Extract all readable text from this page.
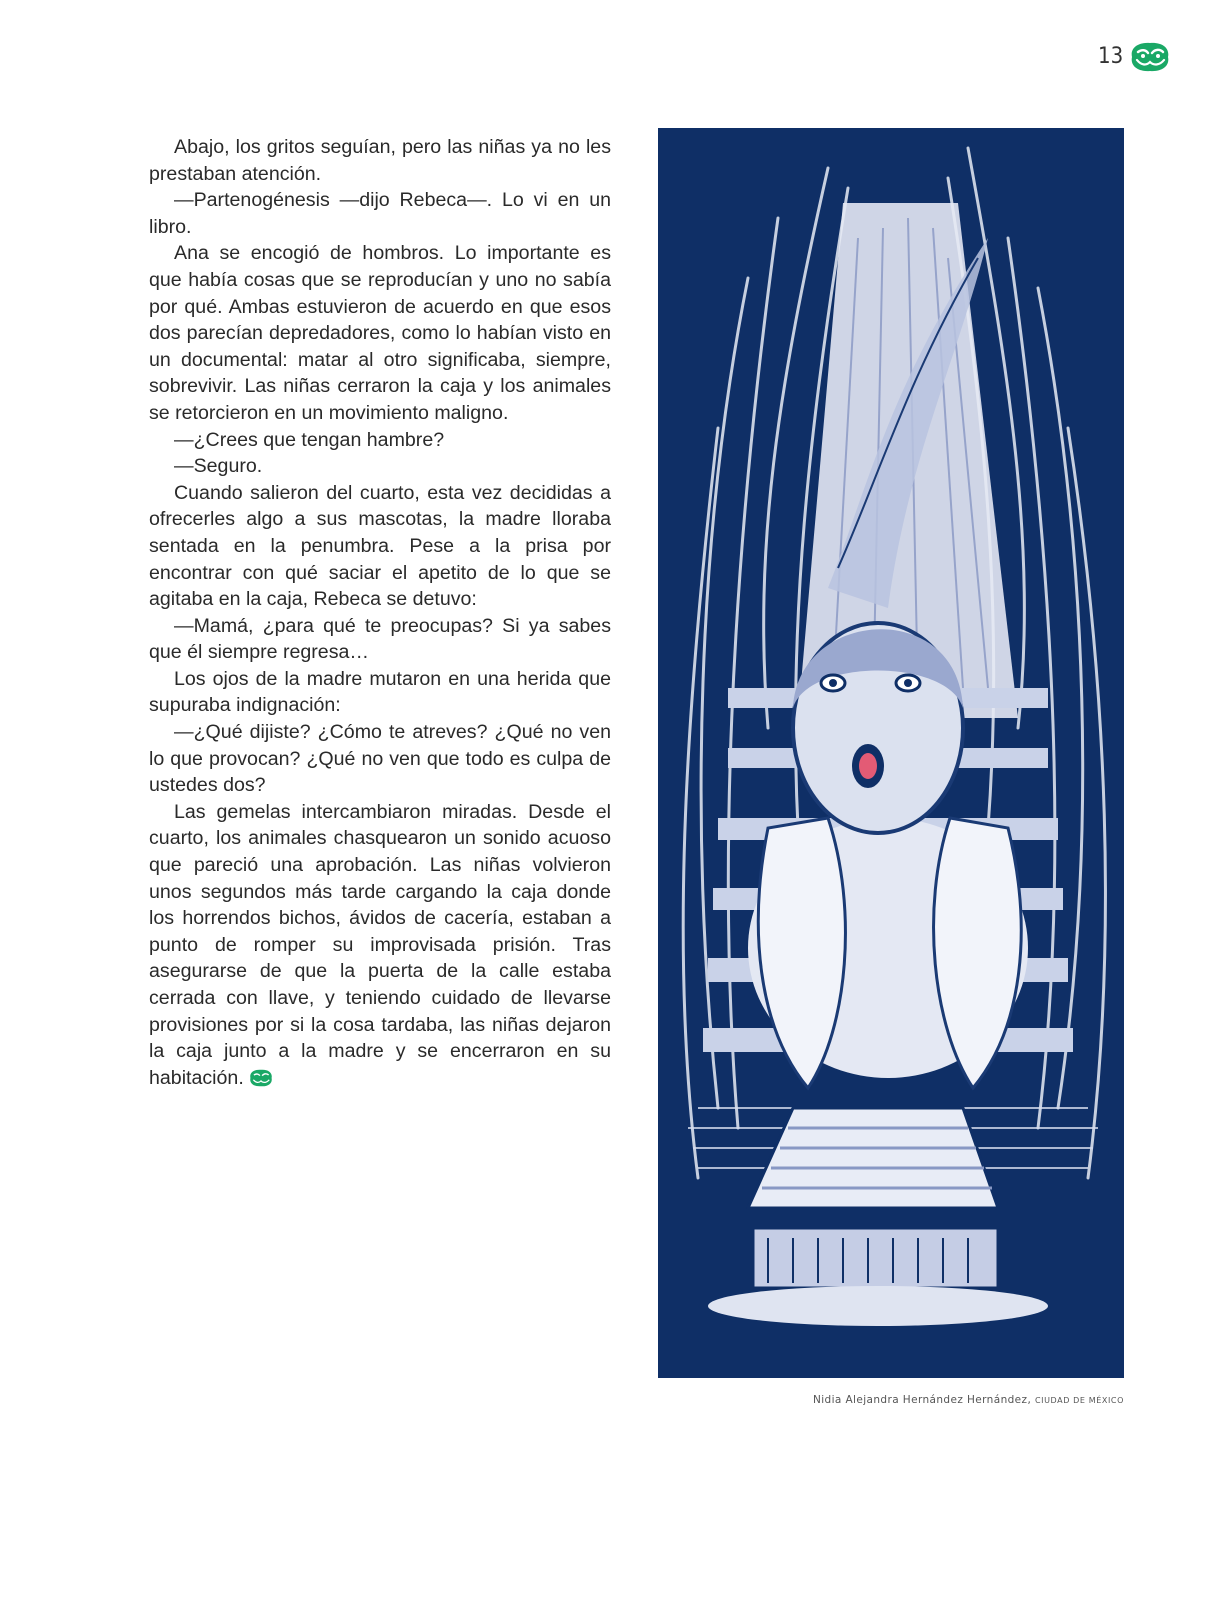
13

Abajo, los gritos seguían, pero las niñas ya no les prestaban atención.

—Partenogénesis —dijo Rebeca—. Lo vi en un libro.

Ana se encogió de hombros. Lo importante es que había cosas que se reproducían y uno no sabía por qué. Ambas estuvieron de acuerdo en que esos dos parecían depredadores, como lo habían visto en un documental: matar al otro significaba, siempre, sobrevivir. Las niñas cerraron la caja y los animales se retorcieron en un movimiento maligno.

—¿Crees que tengan hambre?

—Seguro.

Cuando salieron del cuarto, esta vez decididas a ofrecerles algo a sus mascotas, la madre lloraba sentada en la penumbra. Pese a la prisa por encontrar con qué saciar el apetito de lo que se agitaba en la caja, Rebeca se detuvo:

—Mamá, ¿para qué te preocupas? Si ya sabes que él siempre regresa…

Los ojos de la madre mutaron en una herida que supuraba indignación:

—¿Qué dijiste? ¿Cómo te atreves? ¿Qué no ven lo que provocan? ¿Qué no ven que todo es culpa de ustedes dos?

Las gemelas intercambiaron miradas. Desde el cuarto, los animales chasquearon un sonido acuoso que pareció una aprobación. Las niñas volvieron unos segundos más tarde cargando la caja donde los horrendos bichos, ávidos de cacería, estaban a punto de romper su improvisada prisión. Tras asegurarse de que la puerta de la calle estaba cerrada con llave, y teniendo cuidado de llevarse provisiones por si la cosa tardaba, las niñas dejaron la caja junto a la madre y se encerraron en su habitación.

Nidia Alejandra Hernández Hernández, CIUDAD DE MÉXICO
